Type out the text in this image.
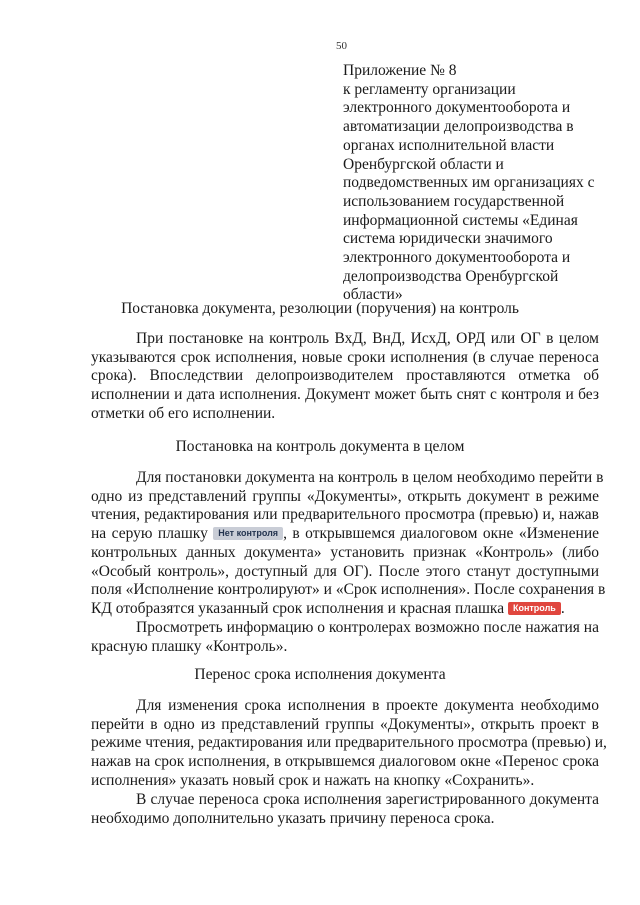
50
Приложение № 8
к регламенту организации
электронного документооборота и
автоматизации делопроизводства в
органах исполнительной власти
Оренбургской области и
подведомственных им организациях с
использованием государственной
информационной системы «Единая
система юридически значимого
электронного документооборота и
делопроизводства Оренбургской
области»
Постановка документа, резолюции (поручения) на контроль
При постановке на контроль ВхД, ВнД, ИсхД, ОРД или ОГ в целом
указываются срок исполнения, новые сроки исполнения (в случае переноса
срока). Впоследствии делопроизводителем проставляются отметка об
исполнении и дата исполнения. Документ может быть снят с контроля и без
отметки об его исполнении.
Постановка на контроль документа в целом
Для постановки документа на контроль в целом необходимо перейти в
одно из представлений группы «Документы», открыть документ в режиме
чтения, редактирования или предварительного просмотра (превью) и, нажав
на серую плашку Нет контроля , в открывшемся диалоговом окне «Изменение
контрольных данных документа» установить признак «Контроль» (либо
«Особый контроль», доступный для ОГ). После этого станут доступными
поля «Исполнение контролируют» и «Срок исполнения». После сохранения в
КД отобразятся указанный срок исполнения и красная плашка Контроль .
Просмотреть информацию о контролерах возможно после нажатия на
красную плашку «Контроль».
Перенос срока исполнения документа
Для изменения срока исполнения в проекте документа необходимо
перейти в одно из представлений группы «Документы», открыть проект в
режиме чтения, редактирования или предварительного просмотра (превью) и,
нажав на срок исполнения, в открывшемся диалоговом окне «Перенос срока
исполнения» указать новый срок и нажать на кнопку «Сохранить».
В случае переноса срока исполнения зарегистрированного документа
необходимо дополнительно указать причину переноса срока.
